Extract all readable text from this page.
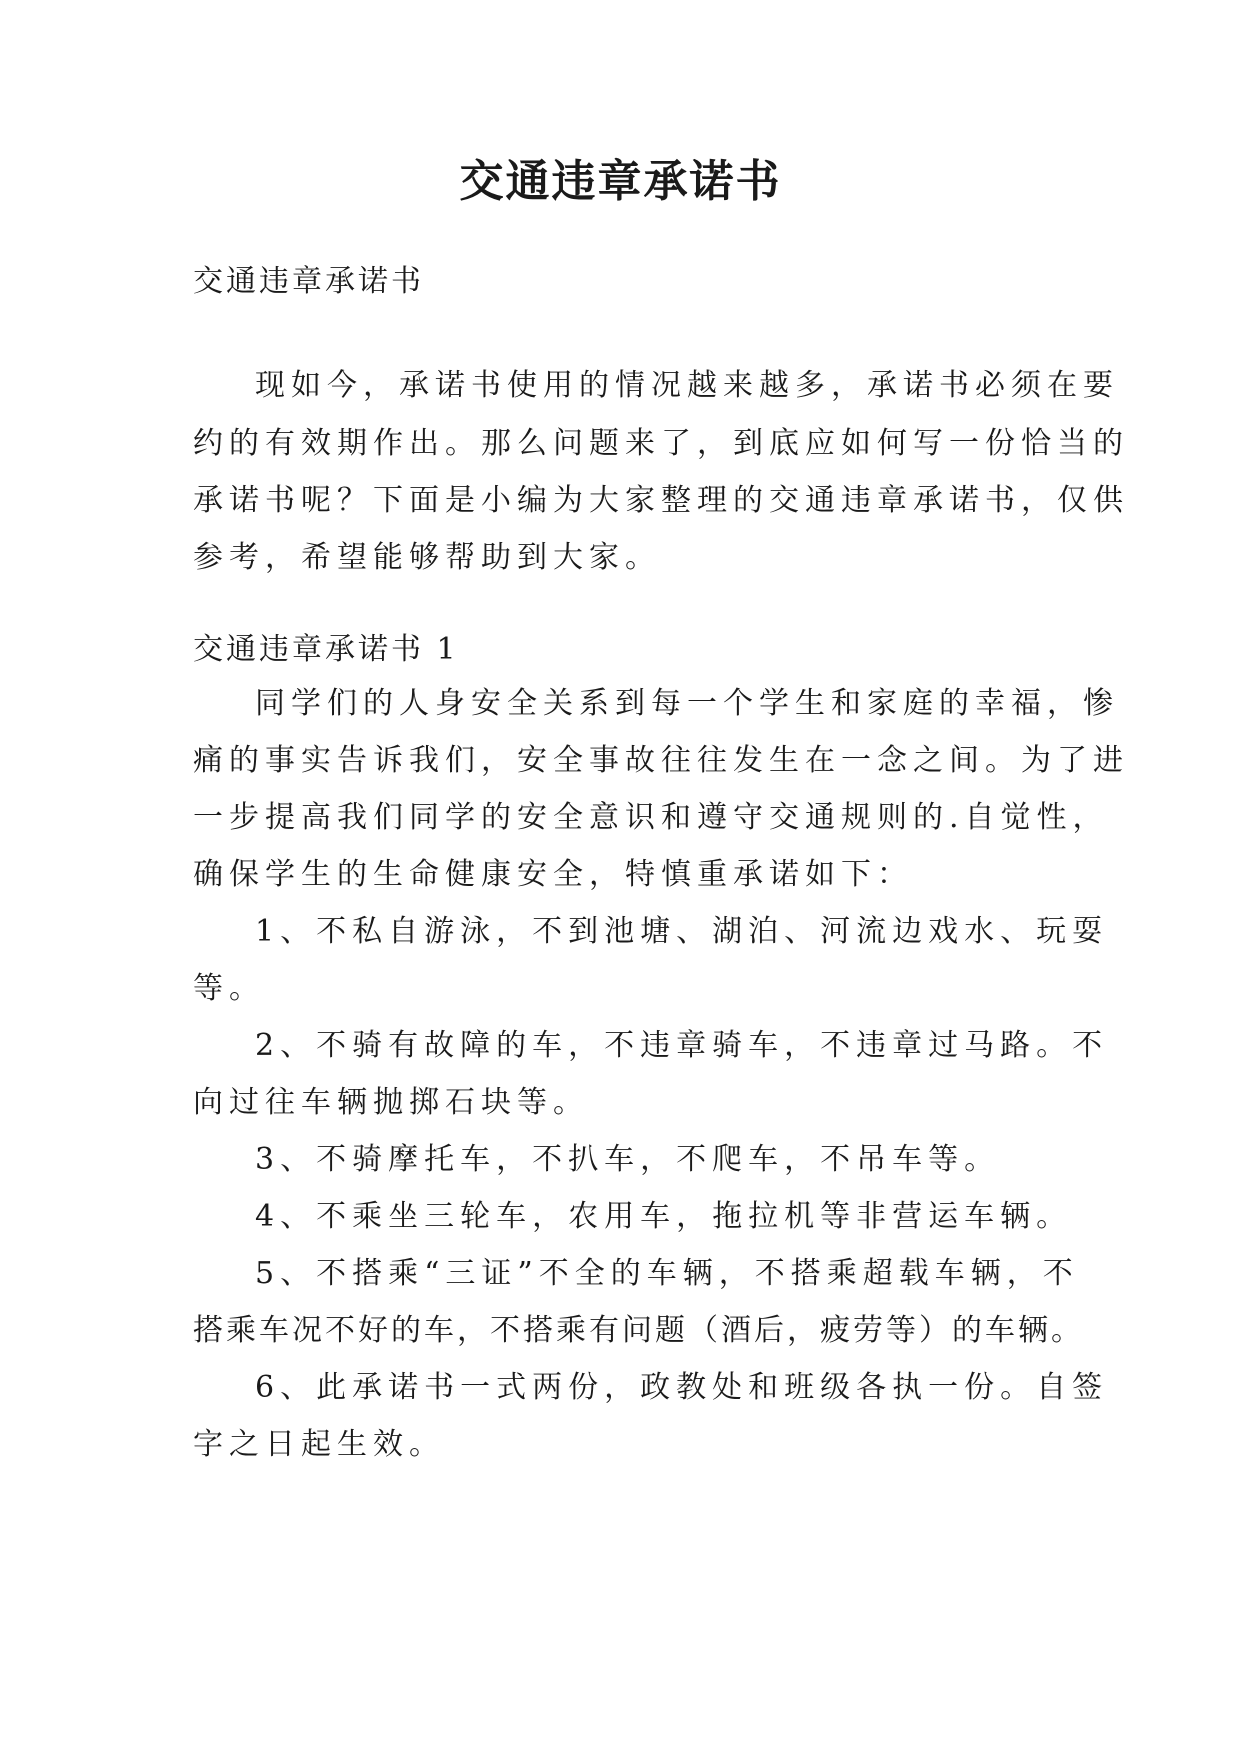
交通违章承诺书

交通违章承诺书

现如今，承诺书使用的情况越来越多，承诺书必须在要

约的有效期作出。那么问题来了，到底应如何写一份恰当的

承诺书呢？下面是小编为大家整理的交通违章承诺书，仅供

参考，希望能够帮助到大家。

交通违章承诺书 1

同学们的人身安全关系到每一个学生和家庭的幸福，惨

痛的事实告诉我们，安全事故往往发生在一念之间。为了进

一步提高我们同学的安全意识和遵守交通规则的.自觉性，

确保学生的生命健康安全，特慎重承诺如下：

1、不私自游泳，不到池塘、湖泊、河流边戏水、玩耍

等。

2、不骑有故障的车，不违章骑车，不违章过马路。不

向过往车辆抛掷石块等。

3、不骑摩托车，不扒车，不爬车，不吊车等。

4、不乘坐三轮车，农用车，拖拉机等非营运车辆。

5、不搭乘“三证”不全的车辆，不搭乘超载车辆，不

搭乘车况不好的车，不搭乘有问题（酒后，疲劳等）的车辆。

6、此承诺书一式两份，政教处和班级各执一份。自签

字之日起生效。
